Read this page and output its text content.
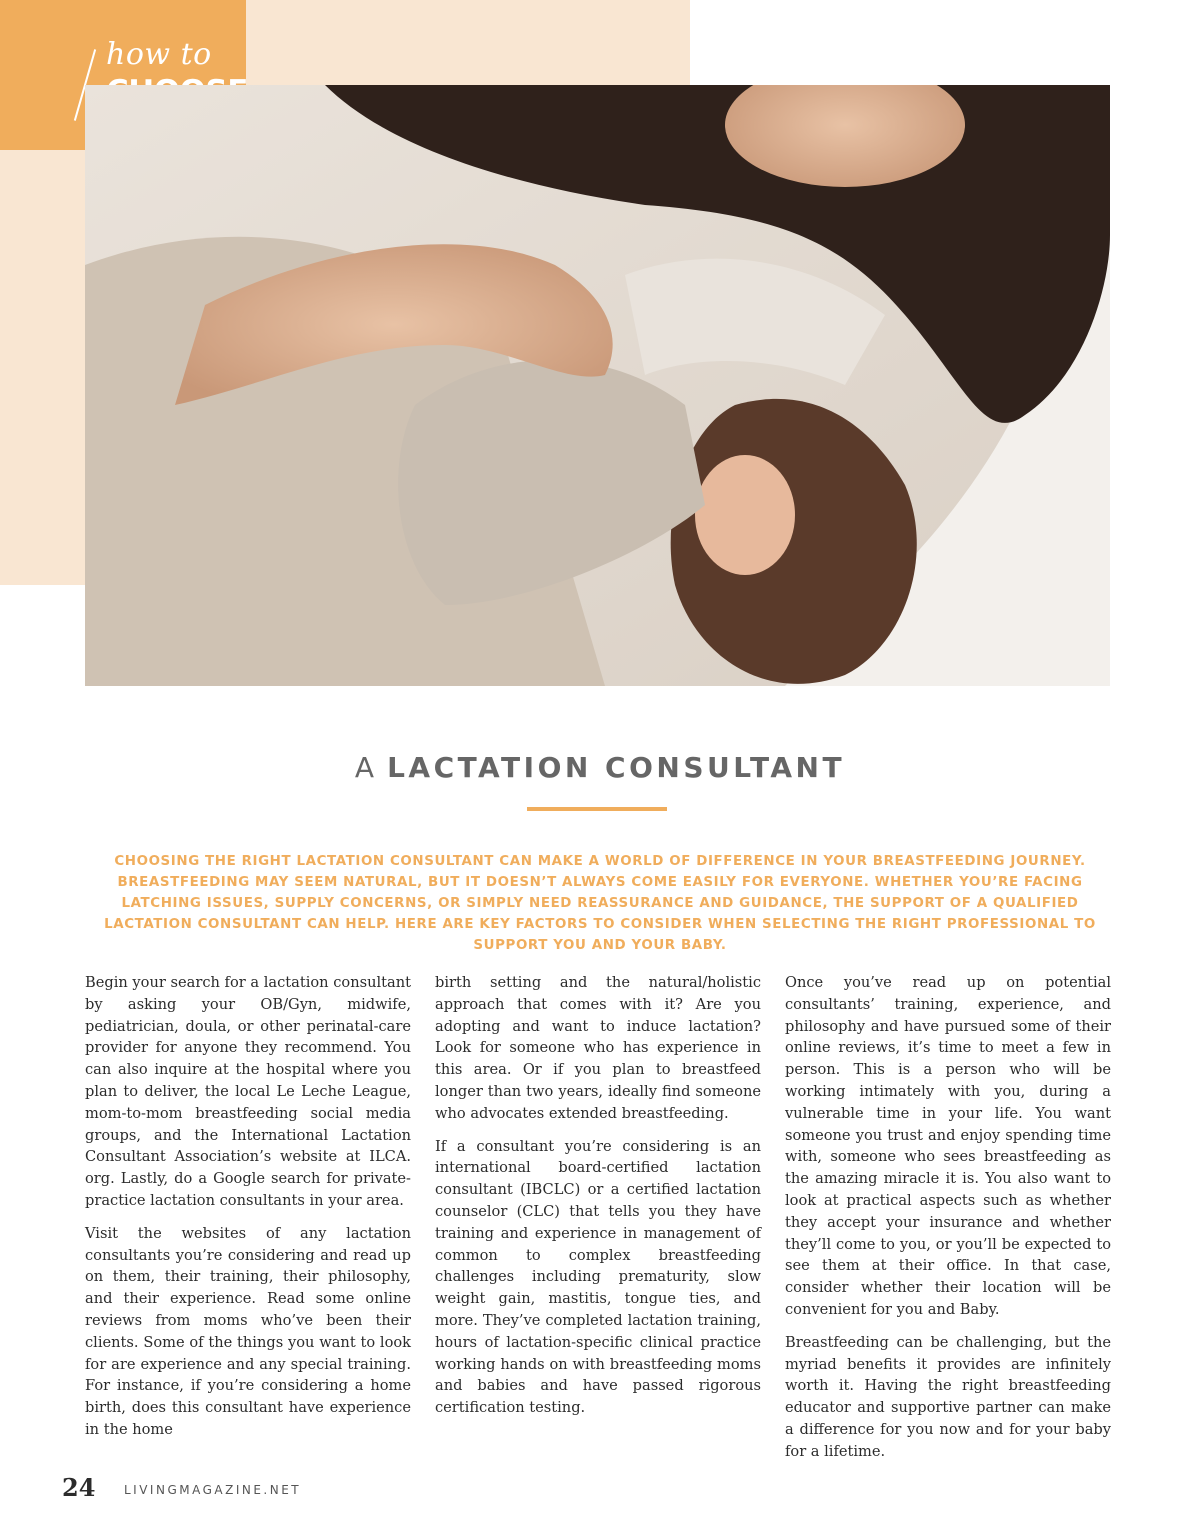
how to
A LACTATION CONSULTANT
CHOOSING THE RIGHT LACTATION CONSULTANT CAN MAKE A WORLD OF DIFFERENCE IN YOUR BREASTFEEDING JOURNEY. BREASTFEEDING MAY SEEM NATURAL, BUT IT DOESN’T ALWAYS COME EASILY FOR EVERYONE. WHETHER YOU’RE FACING LATCHING ISSUES, SUPPLY CONCERNS, OR SIMPLY NEED REASSURANCE AND GUIDANCE, THE SUPPORT OF A QUALIFIED LACTATION CONSULTANT CAN HELP. HERE ARE KEY FACTORS TO CONSIDER WHEN SELECTING THE RIGHT PROFESSIONAL TO SUPPORT YOU AND YOUR BABY.

Begin your search for a lactation consultant by asking your OB/Gyn, midwife, pediatrician, doula, or other perinatal-care provider for anyone they recommend. You can also inquire at the hospital where you plan to deliver, the local Le Leche League, mom-to-mom breastfeeding social media groups, and the International Lactation Consultant Association’s website at ILCA. org. Lastly, do a Google search for private-practice lactation consultants in your area.

Visit the websites of any lactation consultants you’re considering and read up on them, their training, their philosophy, and their experience. Read some online reviews from moms who’ve been their clients. Some of the things you want to look for are experience and any special training. For instance, if you’re considering a home birth, does this consultant have experience in the home

birth setting and the natural/holistic approach that comes with it? Are you adopting and want to induce lactation? Look for someone who has experience in this area. Or if you plan to breastfeed longer than two years, ideally find someone who advocates extended breastfeeding.

If a consultant you’re considering is an international board-certified lactation consultant (IBCLC) or a certified lactation counselor (CLC) that tells you they have training and experience in management of common to complex breastfeeding challenges including prematurity, slow weight gain, mastitis, tongue ties, and more. They’ve completed lactation training, hours of lactation-specific clinical practice working hands on with breastfeeding moms and babies and have passed rigorous certification testing.

Once you’ve read up on potential consultants’ training, experience, and philosophy and have pursued some of their online reviews, it’s time to meet a few in person. This is a person who will be working intimately with you, during a vulnerable time in your life. You want someone you trust and enjoy spending time with, someone who sees breastfeeding as the amazing miracle it is. You also want to look at practical aspects such as whether they accept your insurance and whether they’ll come to you, or you’ll be expected to see them at their office. In that case, consider whether their location will be convenient for you and Baby.

Breastfeeding can be challenging, but the myriad benefits it provides are infinitely worth it. Having the right breastfeeding educator and supportive partner can make a difference for you now and for your baby for a lifetime.

24 LIVINGMAGAZINE.NET
